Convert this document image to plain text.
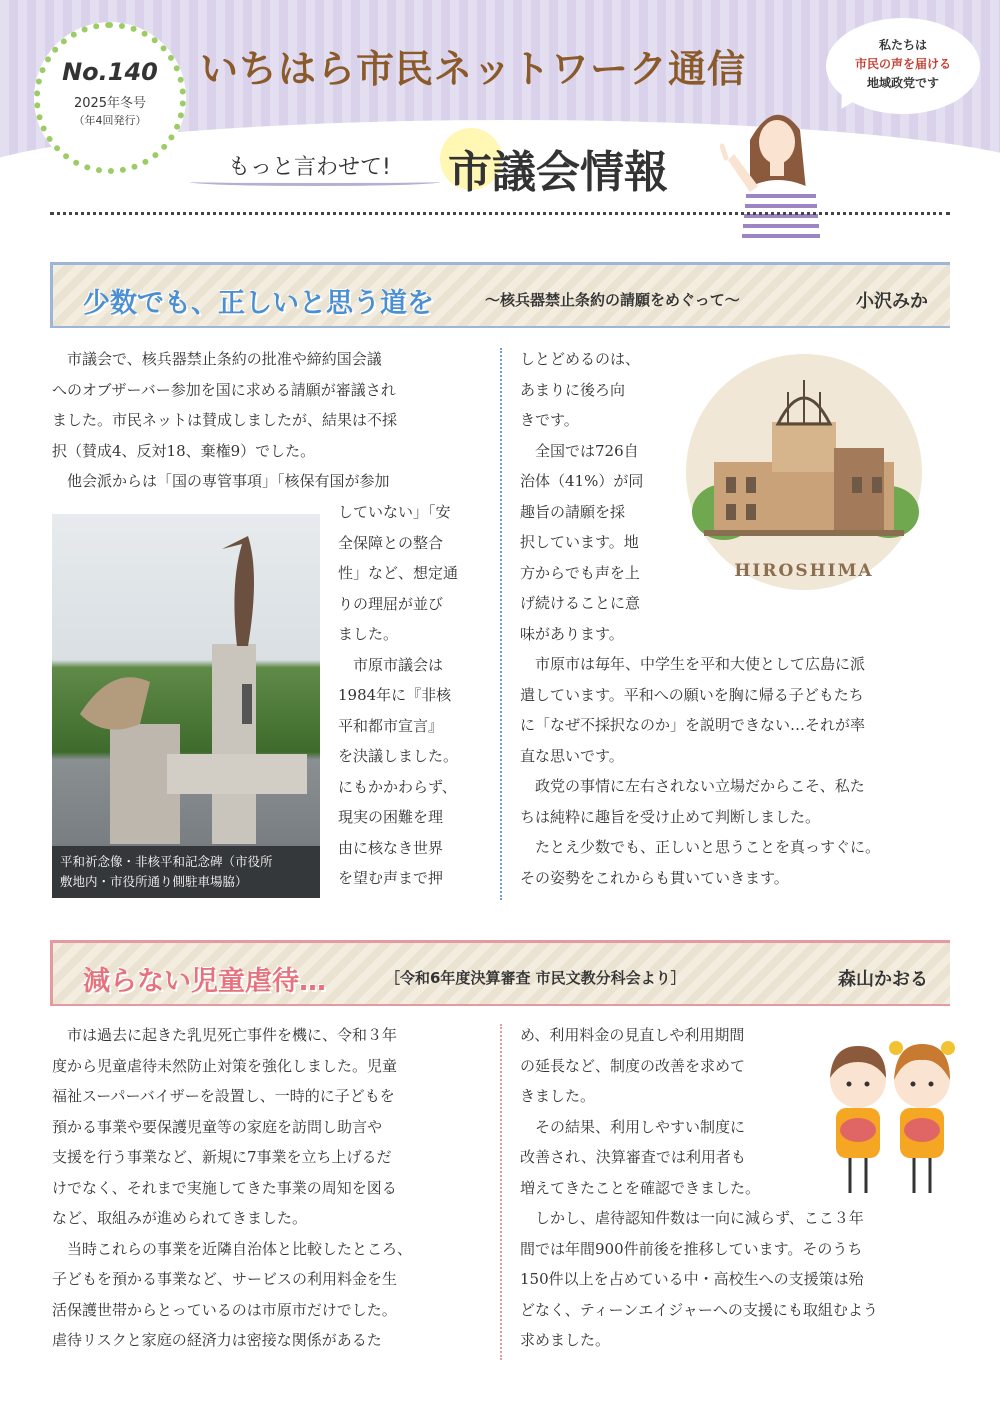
No.140
2025年冬号
（年4回発行）
いちはら市民ネットワーク通信
もっと言わせて! 市議会情報
私たちは
市民の声を届ける
地域政党です
少数でも、正しいと思う道を	～核兵器禁止条約の請願をめぐって～	小沢みか
　市議会で、核兵器禁止条約の批准や締約国会議
へのオブザーバー参加を国に求める請願が審議され
ました。市民ネットは賛成しましたが、結果は不採
択（賛成4、反対18、棄権9）でした。
　他会派からは「国の専管事項」「核保有国が参加
平和祈念像・非核平和記念碑（市役所
敷地内・市役所通り側駐車場脇）
していない」「安
全保障との整合
性」など、想定通
りの理屈が並び
ました。
　市原市議会は
1984年に『非核
平和都市宣言』
を決議しました。
にもかかわらず、
現実の困難を理
由に核なき世界
を望む声まで押
しとどめるのは、
あまりに後ろ向
きです。
　全国では726自
治体（41%）が同
趣旨の請願を採
択しています。地
方からでも声を上
げ続けることに意
味があります。
HIROSHIMA
　市原市は毎年、中学生を平和大使として広島に派
遣しています。平和への願いを胸に帰る子どもたち
に「なぜ不採択なのか」を説明できない…それが率
直な思いです。
　政党の事情に左右されない立場だからこそ、私た
ちは純粋に趣旨を受け止めて判断しました。
　たとえ少数でも、正しいと思うことを真っすぐに。
その姿勢をこれからも貫いていきます。
減らない児童虐待…	［令和6年度決算審査 市民文教分科会より］	森山かおる
　市は過去に起きた乳児死亡事件を機に、令和３年
度から児童虐待未然防止対策を強化しました。児童
福祉スーパーバイザーを設置し、一時的に子どもを
預かる事業や要保護児童等の家庭を訪問し助言や
支援を行う事業など、新規に7事業を立ち上げるだ
けでなく、それまで実施してきた事業の周知を図る
など、取組みが進められてきました。
　当時これらの事業を近隣自治体と比較したところ、
子どもを預かる事業など、サービスの利用料金を生
活保護世帯からとっているのは市原市だけでした。
虐待リスクと家庭の経済力は密接な関係があるた
め、利用料金の見直しや利用期間
の延長など、制度の改善を求めて
きました。
　その結果、利用しやすい制度に
改善され、決算審査では利用者も
増えてきたことを確認できました。
　しかし、虐待認知件数は一向に減らず、ここ３年
間では年間900件前後を推移しています。そのうち
150件以上を占めている中・高校生への支援策は殆
どなく、ティーンエイジャーへの支援にも取組むよう
求めました。
